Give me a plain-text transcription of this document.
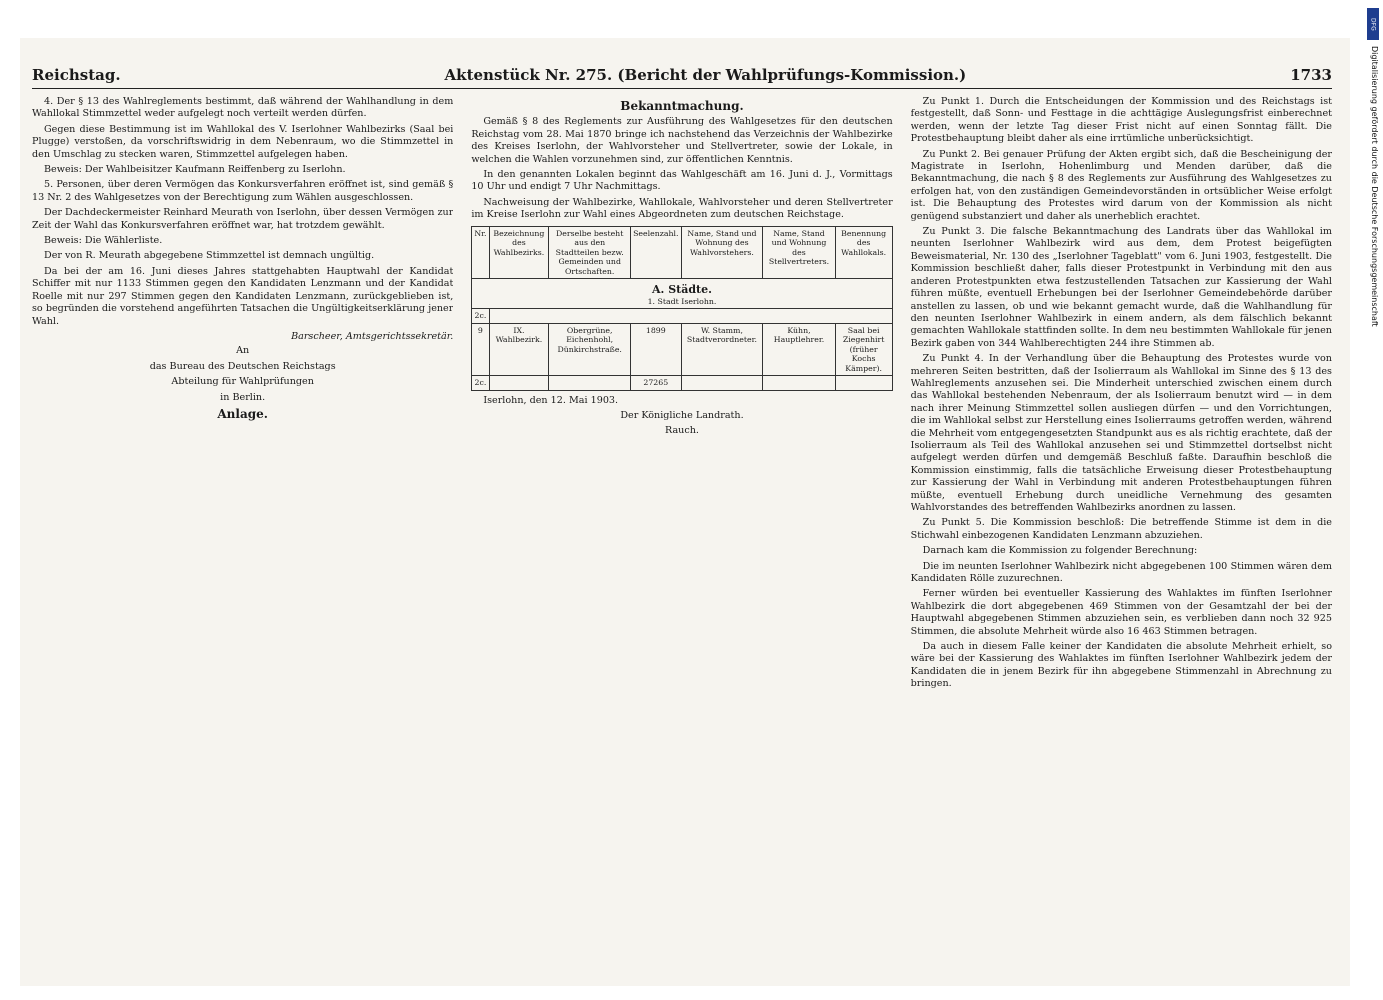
Reichstag.	Aktenstück Nr. 275. (Bericht der Wahlprüfungs-Kommission.)	1733

4. Der § 13 des Wahlreglements bestimmt, daß während der Wahlhandlung in dem Wahllokal Stimmzettel weder aufgelegt noch verteilt werden dürfen.

Gegen diese Bestimmung ist im Wahllokal des V. Iserlohner Wahlbezirks (Saal bei Plugge) verstoßen, da vorschriftswidrig in dem Nebenraum, wo die Stimmzettel in den Umschlag zu stecken waren, Stimmzettel aufgelegen haben.

Beweis: Der Wahlbeisitzer Kaufmann Reiffenberg zu Iserlohn.

5. Personen, über deren Vermögen das Konkursverfahren eröffnet ist, sind gemäß § 13 Nr. 2 des Wahlgesetzes von der Berechtigung zum Wählen ausgeschlossen.

Der Dachdeckermeister Reinhard Meurath von Iserlohn, über dessen Vermögen zur Zeit der Wahl das Konkursverfahren eröffnet war, hat trotzdem gewählt.

Beweis: Die Wählerliste.

Der von R. Meurath abgegebene Stimmzettel ist demnach ungültig.

Da bei der am 16. Juni dieses Jahres stattgehabten Hauptwahl der Kandidat Schiffer mit nur 1133 Stimmen gegen den Kandidaten Lenzmann und der Kandidat Roelle mit nur 297 Stimmen gegen den Kandidaten Lenzmann, zurückgeblieben ist, so begründen die vorstehend angeführten Tatsachen die Ungültigkeitserklärung jener Wahl.

Barscheer, Amtsgerichtssekretär.

An

das Bureau des Deutschen Reichstags

Abteilung für Wahlprüfungen

in Berlin.

Anlage.
Bekanntmachung.

Gemäß § 8 des Reglements zur Ausführung des Wahlgesetzes für den deutschen Reichstag vom 28. Mai 1870 bringe ich nachstehend das Verzeichnis der Wahlbezirke des Kreises Iserlohn, der Wahlvorsteher und Stellvertreter, sowie der Lokale, in welchen die Wahlen vorzunehmen sind, zur öffentlichen Kenntnis.

In den genannten Lokalen beginnt das Wahlgeschäft am 16. Juni d. J., Vormittags 10 Uhr und endigt 7 Uhr Nachmittags.

Nachweisung der Wahlbezirke, Wahllokale, Wahlvorsteher und deren Stellvertreter im Kreise Iserlohn zur Wahl eines Abgeordneten zum deutschen Reichstage.

Nr.	Bezeichnung des Wahlbezirks.	Derselbe besteht aus den Stadtteilen bezw. Gemeinden und Ortschaften.	Seelenzahl.	Name, Stand und Wohnung des Wahlvorstehers.	Name, Stand und Wohnung des Stellvertreters.	Benennung des Wahllokals.

A. Städte.
1. Stadt Iserlohn.						

2c.						
9	IX. Wahlbezirk.	Obergrüne, Eichenhohl, Dünkirchstraße.	1899	W. Stamm, Stadtverordneter.	Kühn, Hauptlehrer.	Saal bei Ziegenhirt (früher Kochs Kämper).
2c.			27265			

Iserlohn, den 12. Mai 1903.

Der Königliche Landrath.

Rauch.

Zu Punkt 1. Durch die Entscheidungen der Kommission und des Reichstags ist festgestellt, daß Sonn- und Festtage in die achttägige Auslegungsfrist einberechnet werden, wenn der letzte Tag dieser Frist nicht auf einen Sonntag fällt. Die Protestbehauptung bleibt daher als eine irrtümliche unberücksichtigt.

Zu Punkt 2. Bei genauer Prüfung der Akten ergibt sich, daß die Bescheinigung der Magistrate in Iserlohn, Hohenlimburg und Menden darüber, daß die Bekanntmachung, die nach § 8 des Reglements zur Ausführung des Wahlgesetzes zu erfolgen hat, von den zuständigen Gemeindevorständen in ortsüblicher Weise erfolgt ist. Die Behauptung des Protestes wird darum von der Kommission als nicht genügend substanziert und daher als unerheblich erachtet.

Zu Punkt 3. Die falsche Bekanntmachung des Landrats über das Wahllokal im neunten Iserlohner Wahlbezirk wird aus dem, dem Protest beigefügten Beweismaterial, Nr. 130 des „Iserlohner Tageblatt" vom 6. Juni 1903, festgestellt. Die Kommission beschließt daher, falls dieser Protestpunkt in Verbindung mit den aus anderen Protestpunkten etwa festzustellenden Tatsachen zur Kassierung der Wahl führen müßte, eventuell Erhebungen bei der Iserlohner Gemeindebehörde darüber anstellen zu lassen, ob und wie bekannt gemacht wurde, daß die Wahlhandlung für den neunten Iserlohner Wahlbezirk in einem andern, als dem fälschlich bekannt gemachten Wahllokale stattfinden sollte. In dem neu bestimmten Wahllokale für jenen Bezirk gaben von 344 Wahlberechtigten 244 ihre Stimmen ab.

Zu Punkt 4. In der Verhandlung über die Behauptung des Protestes wurde von mehreren Seiten bestritten, daß der Isolierraum als Wahllokal im Sinne des § 13 des Wahlreglements anzusehen sei. Die Minderheit unterschied zwischen einem durch das Wahllokal bestehenden Nebenraum, der als Isolierraum benutzt wird — in dem nach ihrer Meinung Stimmzettel sollen ausliegen dürfen — und den Vorrichtungen, die im Wahllokal selbst zur Herstellung eines Isolierraums getroffen werden, während die Mehrheit vom entgegengesetzten Standpunkt aus es als richtig erachtete, daß der Isolierraum als Teil des Wahllokal anzusehen sei und Stimmzettel dortselbst nicht aufgelegt werden dürfen und demgemäß Beschluß faßte. Daraufhin beschloß die Kommission einstimmig, falls die tatsächliche Erweisung dieser Protestbehauptung zur Kassierung der Wahl in Verbindung mit anderen Protestbehauptungen führen müßte, eventuell Erhebung durch uneidliche Vernehmung des gesamten Wahlvorstandes des betreffenden Wahlbezirks anordnen zu lassen.

Zu Punkt 5. Die Kommission beschloß: Die betreffende Stimme ist dem in die Stichwahl einbezogenen Kandidaten Lenzmann abzuziehen.

Darnach kam die Kommission zu folgender Berechnung:

Die im neunten Iserlohner Wahlbezirk nicht abgegebenen 100 Stimmen wären dem Kandidaten Rölle zuzurechnen.

Ferner würden bei eventueller Kassierung des Wahlaktes im fünften Iserlohner Wahlbezirk die dort abgegebenen 469 Stimmen von der Gesamtzahl der bei der Hauptwahl abgegebenen Stimmen abzuziehen sein, es verblieben dann noch 32 925 Stimmen, die absolute Mehrheit würde also 16 463 Stimmen betragen.

Da auch in diesem Falle keiner der Kandidaten die absolute Mehrheit erhielt, so wäre bei der Kassierung des Wahlaktes im fünften Iserlohner Wahlbezirk jedem der Kandidaten die in jenem Bezirk für ihn abgegebene Stimmenzahl in Abrechnung zu bringen.

DFG
Digitalisierung gefördert durch die Deutsche Forschungsgemeinschaft
